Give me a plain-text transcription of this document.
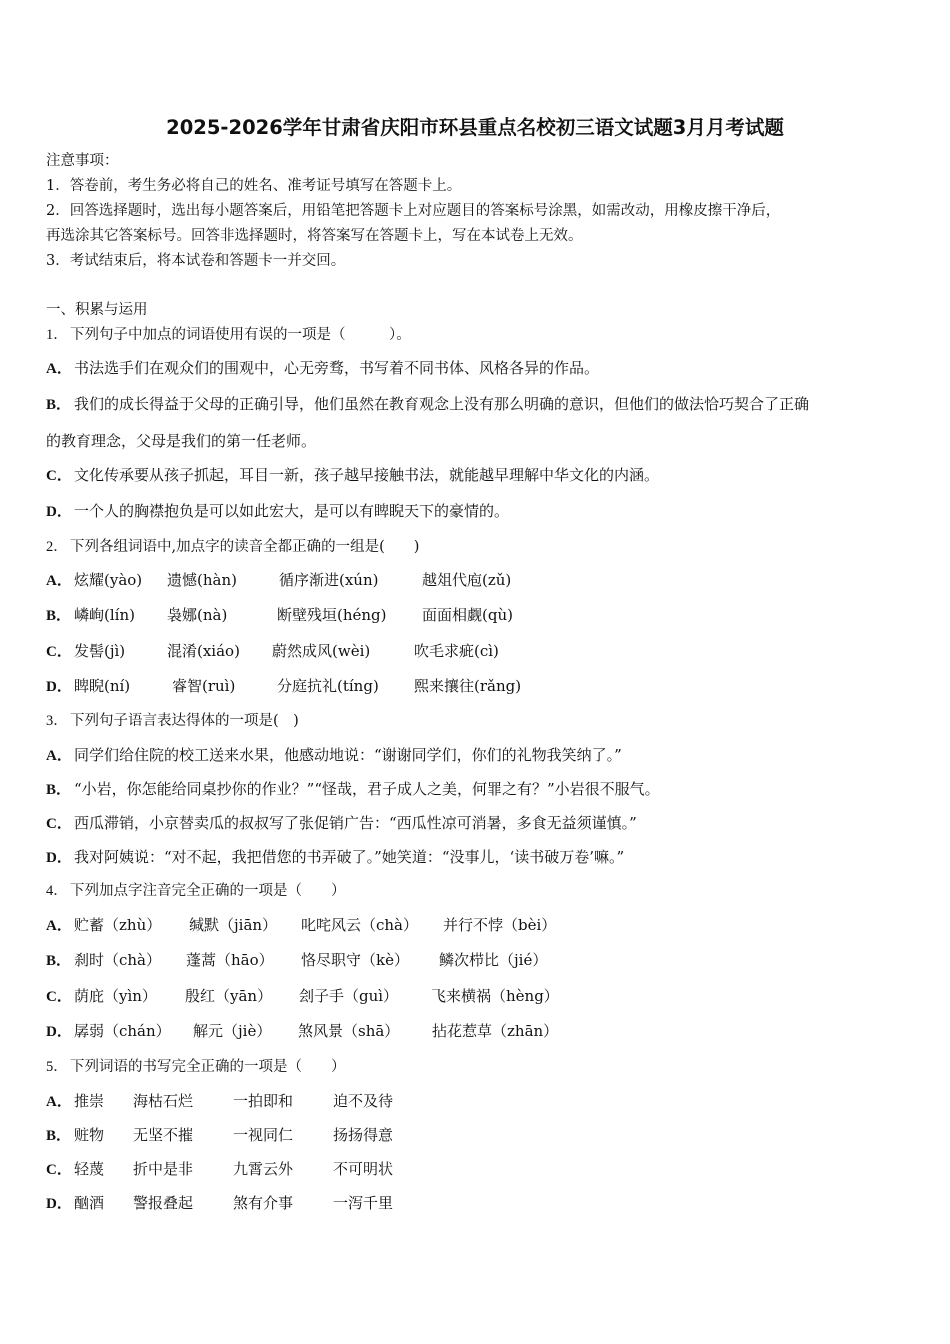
2025-2026学年甘肃省庆阳市环县重点名校初三语文试题3月月考试题
注意事项：
1．答卷前，考生务必将自己的姓名、准考证号填写在答题卡上。
2．回答选择题时，选出每小题答案后，用铅笔把答题卡上对应题目的答案标号涂黑，如需改动，用橡皮擦干净后，
再选涂其它答案标号。回答非选择题时，将答案写在答题卡上，写在本试卷上无效。
3．考试结束后，将本试卷和答题卡一并交回。
一、积累与运用
1． 下列句子中加点的词语使用有误的一项是（　　　）。
A． 书法选手们在观众们的围观中，心无旁骛，书写着不同书体、风格各异的作品。
B． 我们的成长得益于父母的正确引导，他们虽然在教育观念上没有那么明确的意识，但他们的做法恰巧契合了正确
的教育理念，父母是我们的第一任老师。
C． 文化传承要从孩子抓起，耳目一新，孩子越早接触书法，就能越早理解中华文化的内涵。
D． 一个人的胸襟抱负是可以如此宏大，是可以有睥睨天下的豪情的。
2． 下列各组词语中,加点字的读音全都正确的一组是(　　)
A． 炫耀(yào) 遗憾(hàn)	循序渐进(xún)	越俎代庖(zǔ)
B． 嶙峋(lín) 袅娜(nà)	断壁残垣(héng) 面面相觑(qù)
C． 发髻(jì)	混淆(xiáo) 蔚然成风(wèi)	吹毛求疵(cì)
D． 睥睨(ní)	睿智(ruì)	分庭抗礼(tíng) 熙来攘往(rǎng)
3． 下列句子语言表达得体的一项是(　)
A． 同学们给住院的校工送来水果，他感动地说：“谢谢同学们，你们的礼物我笑纳了。”
B． “小岩，你怎能给同桌抄你的作业？”“怪哉，君子成人之美，何罪之有？”小岩很不服气。
C． 西瓜滞销，小京替卖瓜的叔叔写了张促销广告：“西瓜性凉可消暑，多食无益须谨慎。”
D． 我对阿姨说：“对不起，我把借您的书弄破了。”她笑道：“没事儿，‘读书破万卷’嘛。”
4． 下列加点字注音完全正确的一项是（　　）
A． 贮蓄（zhù） 缄默（jiān） 叱咤风云（chà） 并行不悖（bèi）
B． 刹时（chà） 蓬蒿（hāo） 恪尽职守（kè） 鳞次栉比（jié）
C． 荫庇（yìn） 殷红（yān） 刽子手（guì） 飞来横祸（hèng）
D． 孱弱（chán） 解元（jiè） 煞风景（shā） 拈花惹草（zhān）
5． 下列词语的书写完全正确的一项是（　　）
A． 推崇 海枯石烂	一拍即和	迫不及待
B． 赃物 无坚不摧	一视同仁	扬扬得意
C． 轻蔑 折中是非	九霄云外	不可明状
D． 酗酒 警报叠起	煞有介事	一泻千里
